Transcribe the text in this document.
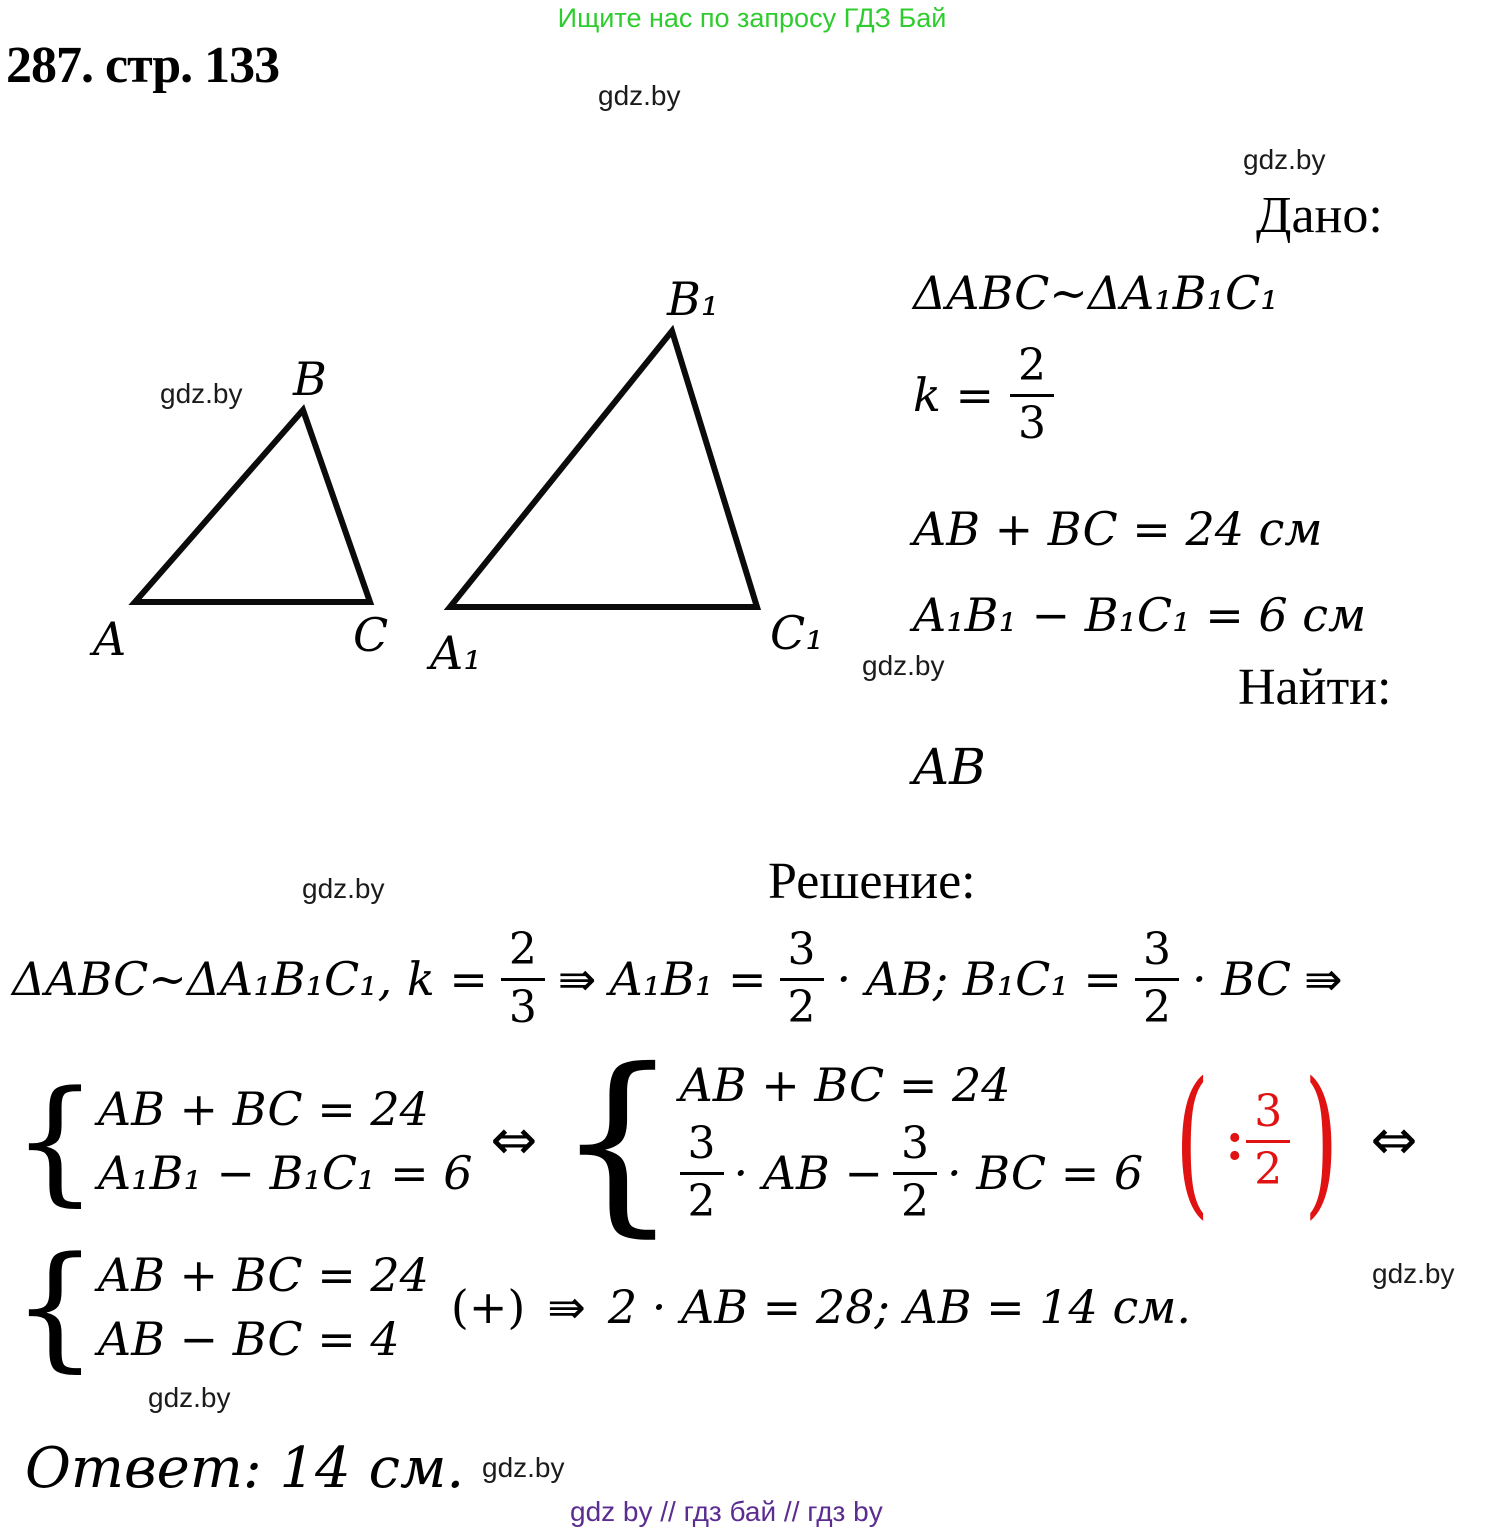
Ищите нас по запросу ГДЗ Бай
287. стр. 133
gdz.by
gdz.by
gdz.by
gdz.by
gdz.by
gdz.by
gdz.by
gdz.by
A
B
C A₁
B₁
C₁
Дано:
ΔABC~ΔA₁B₁C₁
$k = \frac{2}{3}$
AB + BC = 24 см
A₁B₁ − B₁C₁ = 6 см
Найти:
AB
Решение:
ΔABC~ΔA₁B₁C₁, $k = \frac{2}{3}$ ⇛ $A_1B_1 = \frac{3}{2}$ · AB; $B_1C_1 = \frac{3}{2}$ · BC ⇛
{ AB + BC = 24
A₁B₁ − B₁C₁ = 6 ⇔ { AB + BC = 24
$\frac{3}{2}$ · AB − $\frac{3}{2}$ · BC = 6 ( : $\frac{3}{2}$ ) ⇔
{ AB + BC = 24
AB − BC = 4
(+) ⇛ 2 · AB = 28; AB = 14 см.
Ответ: 14 см.
gdz by // гдз бай // гдз by
